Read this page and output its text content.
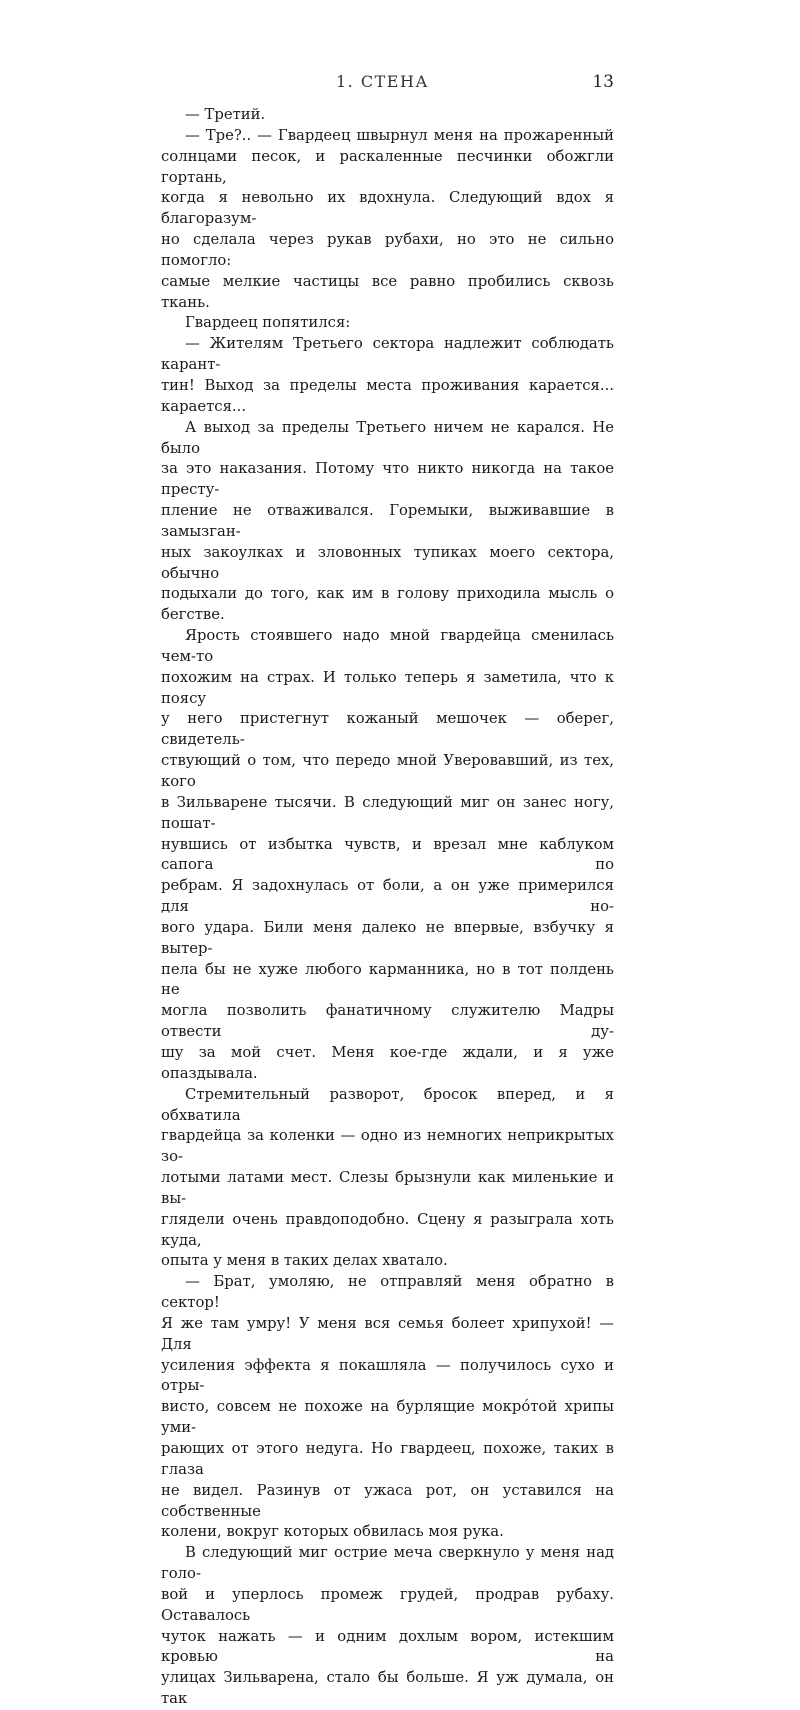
1. СТЕНА	13

— Третий.

— Тре?.. — Гвардеец швырнул меня на прожаренный

солнцами песок, и раскаленные песчинки обожгли гортань,

когда я невольно их вдохнула. Следующий вдох я благоразум-

но сделала через рукав рубахи, но это не сильно помогло:

самые мелкие частицы все равно пробились сквозь ткань.

Гвардеец попятился:

— Жителям Третьего сектора надлежит соблюдать карант-

тин! Выход за пределы места проживания карается... карается...

А выход за пределы Третьего ничем не карался. Не было

за это наказания. Потому что никто никогда на такое престу-

пление не отваживался. Горемыки, выживавшие в замызган-

ных закоулках и зловонных тупиках моего сектора, обычно

подыхали до того, как им в голову приходила мысль о бегстве.

Ярость стоявшего надо мной гвардейца сменилась чем-то

похожим на страх. И только теперь я заметила, что к поясу

у него пристегнут кожаный мешочек — оберег, свидетель-

ствующий о том, что передо мной Уверовавший, из тех, кого

в Зильварене тысячи. В следующий миг он занес ногу, пошат-

нувшись от избытка чувств, и врезал мне каблуком сапога по

ребрам. Я задохнулась от боли, а он уже примерился для но-

вого удара. Били меня далеко не впервые, взбучку я вытер-

пела бы не хуже любого карманника, но в тот полдень не

могла позволить фанатичному служителю Мадры отвести ду-

шу за мой счет. Меня кое-где ждали, и я уже опаздывала.

Стремительный разворот, бросок вперед, и я обхватила

гвардейца за коленки — одно из немногих неприкрытых зо-

лотыми латами мест. Слезы брызнули как миленькие и вы-

глядели очень правдоподобно. Сцену я разыграла хоть куда,

опыта у меня в таких делах хватало.

— Брат, умоляю, не отправляй меня обратно в сектор!

Я же там умру! У меня вся семья болеет хрипухой! — Для

усиления эффекта я покашляла — получилось сухо и отры-

висто, совсем не похоже на бурлящие мокрóтой хрипы уми-

рающих от этого недуга. Но гвардеец, похоже, таких в глаза

не видел. Разинув от ужаса рот, он уставился на собственные

колени, вокруг которых обвилась моя рука.

В следующий миг острие меча сверкнуло у меня над голо-

вой и уперлось промеж грудей, продрав рубаху. Оставалось

чуток нажать — и одним дохлым вором, истекшим кровью на

улицах Зильварена, стало бы больше. Я уж думала, он так
